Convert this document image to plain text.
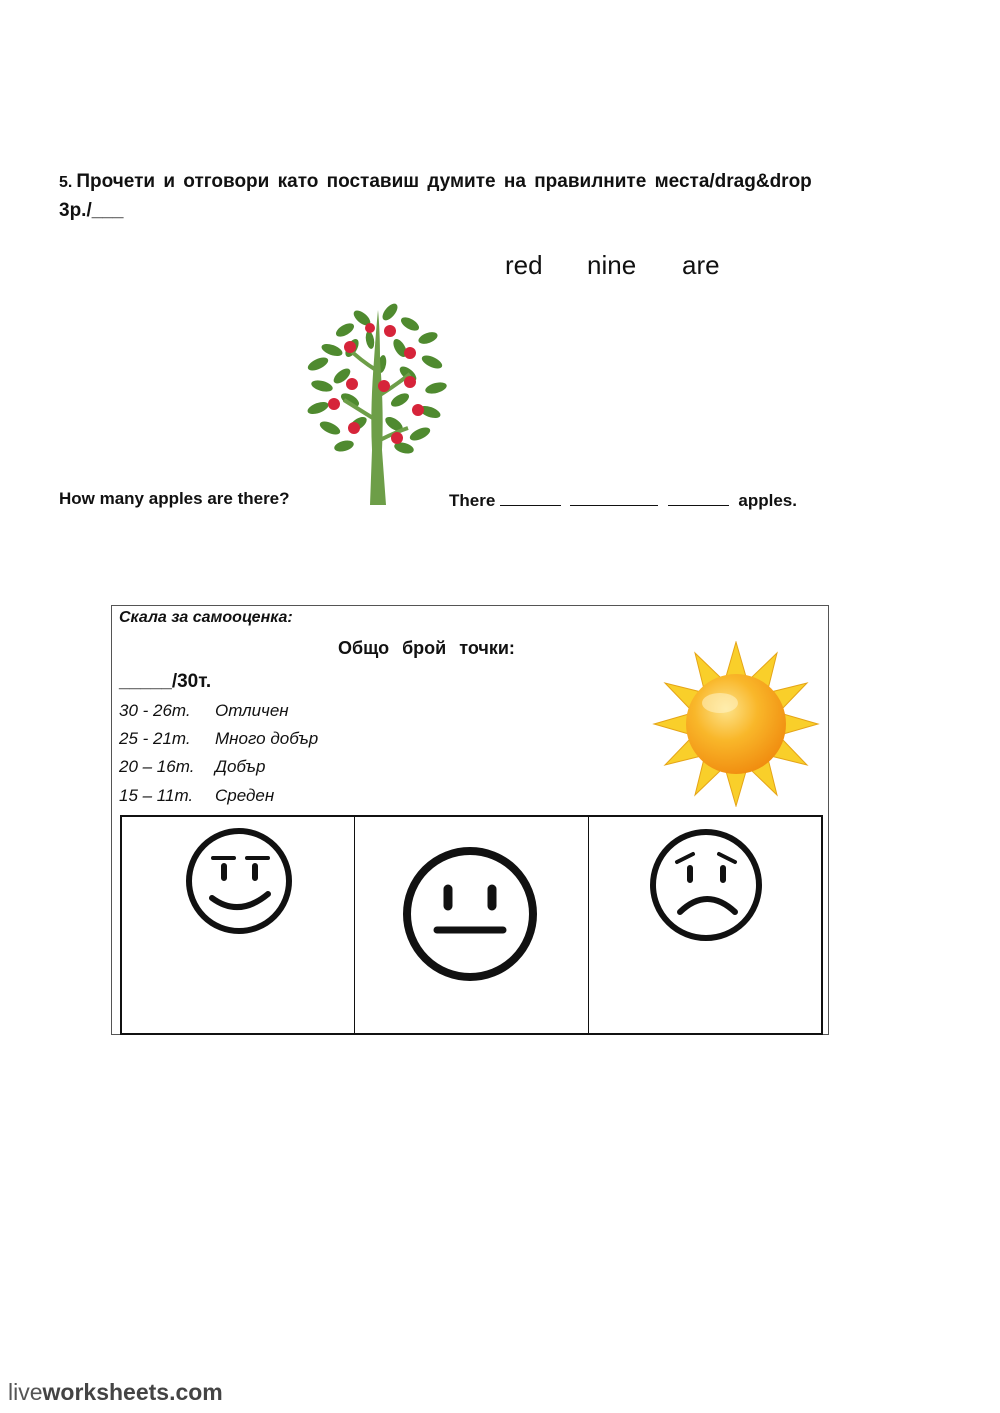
5. Прочети и отговори като поставиш думите на правилните места/drag&drop
3р./___
red nine are
How many apples are there?	There	apples.
Скала за самооценка:
Общо брой точки:
_____/30т.
30 - 26т. Отличен
25 - 21т. Много добър
20 – 16т. Добър
15 – 11т. Среден
liveworksheets.com
